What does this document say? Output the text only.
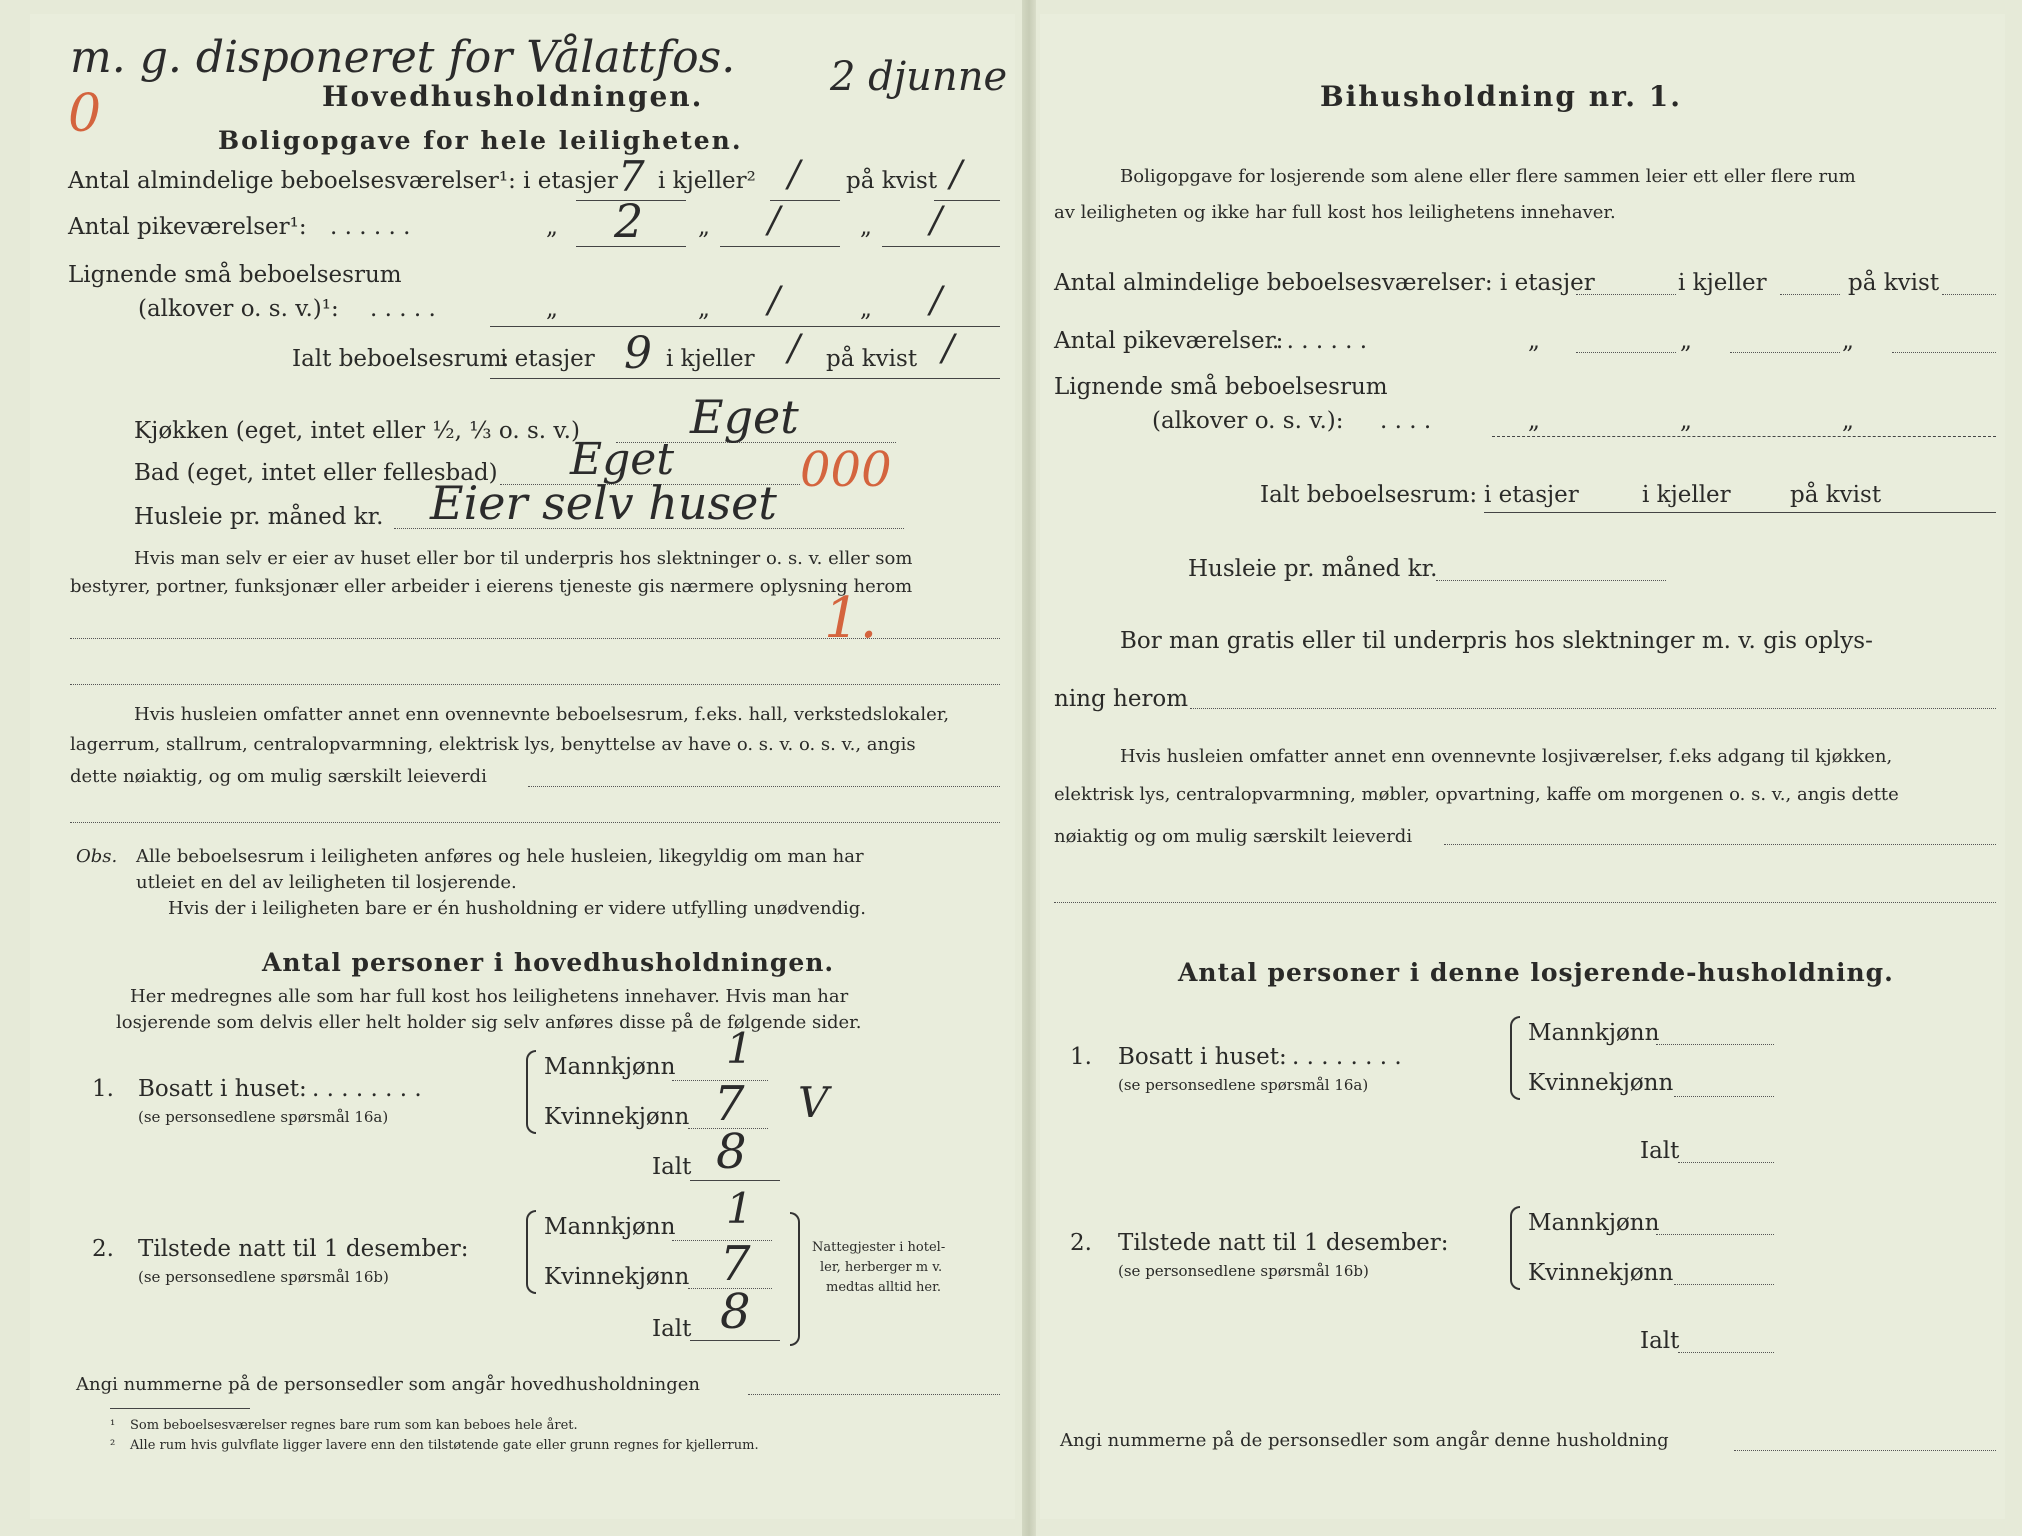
0
m. g. disponeret for Vålattfos. 2 djunne
Hovedhusholdningen.
Boligopgave for hele leiligheten.
Antal almindelige beboelsesværelser¹: i etasjer 7 i kjeller² / på kvist /
Antal pikeværelser¹: . . . . . .	„ 2 „ /	„ /
Lignende små beboelsesrum
(alkover o. s. v.)¹: . . . . .	„	„ /	„ /
Ialt beboelsesrum:
i etasjer 9 i kjeller / på kvist /
Kjøkken (eget, intet eller ½, ⅓ o. s. v.) Eget
Bad (eget, intet eller fellesbad) Eget	000
Husleie pr. måned kr. Eier selv huset
Hvis man selv er eier av huset eller bor til underpris hos slektninger o. s. v. eller som
bestyrer, portner, funksjonær eller arbeider i eierens tjeneste gis nærmere oplysning herom
1.
Hvis husleien omfatter annet enn ovennevnte beboelsesrum, f.eks. hall, verkstedslokaler,
lagerrum, stallrum, centralopvarmning, elektrisk lys, benyttelse av have o. s. v. o. s. v., angis
dette nøiaktig, og om mulig særskilt leieverdi
Obs. Alle beboelsesrum i leiligheten anføres og hele husleien, likegyldig om man har
utleiet en del av leiligheten til losjerende.
Hvis der i leiligheten bare er én husholdning er videre utfylling unødvendig.
Antal personer i hovedhusholdningen.
Her medregnes alle som har full kost hos leilighetens innehaver. Hvis man har
losjerende som delvis eller helt holder sig selv anføres disse på de følgende sider.
1. Bosatt i huset: . . . . . . . .
(se personsedlene spørsmål 16a)
Mannkjønn 1
Kvinnekjønn 7 V
Ialt 8
2. Tilstede natt til 1 desember:
(se personsedlene spørsmål 16b)
Mannkjønn 1
Kvinnekjønn 7
Ialt 8
Nattegjester i hotel-
ler, herberger m v.
medtas alltid her.
Angi nummerne på de personsedler som angår hovedhusholdningen
¹ Som beboelsesværelser regnes bare rum som kan beboes hele året.
² Alle rum hvis gulvflate ligger lavere enn den tilstøtende gate eller grunn regnes for kjellerrum.
Bihusholdning nr. 1.
Boligopgave for losjerende som alene eller flere sammen leier ett eller flere rum
av leiligheten og ikke har full kost hos leilighetens innehaver.
Antal almindelige beboelsesværelser: i etasjer	i kjeller	på kvist
Antal pikeværelser:
. . . . . . .	„	„	„
Lignende små beboelsesrum
(alkover o. s. v.): . . . .	„	„	„
Ialt beboelsesrum: i etasjer	i kjeller	på kvist
Husleie pr. måned kr.
Bor man gratis eller til underpris hos slektninger m. v. gis oplys-
ning herom
Hvis husleien omfatter annet enn ovennevnte losjiværelser, f.eks adgang til kjøkken,
elektrisk lys, centralopvarmning, møbler, opvartning, kaffe om morgenen o. s. v., angis dette
nøiaktig og om mulig særskilt leieverdi
Antal personer i denne losjerende-husholdning.
1. Bosatt i huset: . . . . . . . .
(se personsedlene spørsmål 16a)
Mannkjønn
Kvinnekjønn
Ialt
2. Tilstede natt til 1 desember:
(se personsedlene spørsmål 16b)
Mannkjønn
Kvinnekjønn
Ialt
Angi nummerne på de personsedler som angår denne husholdning
